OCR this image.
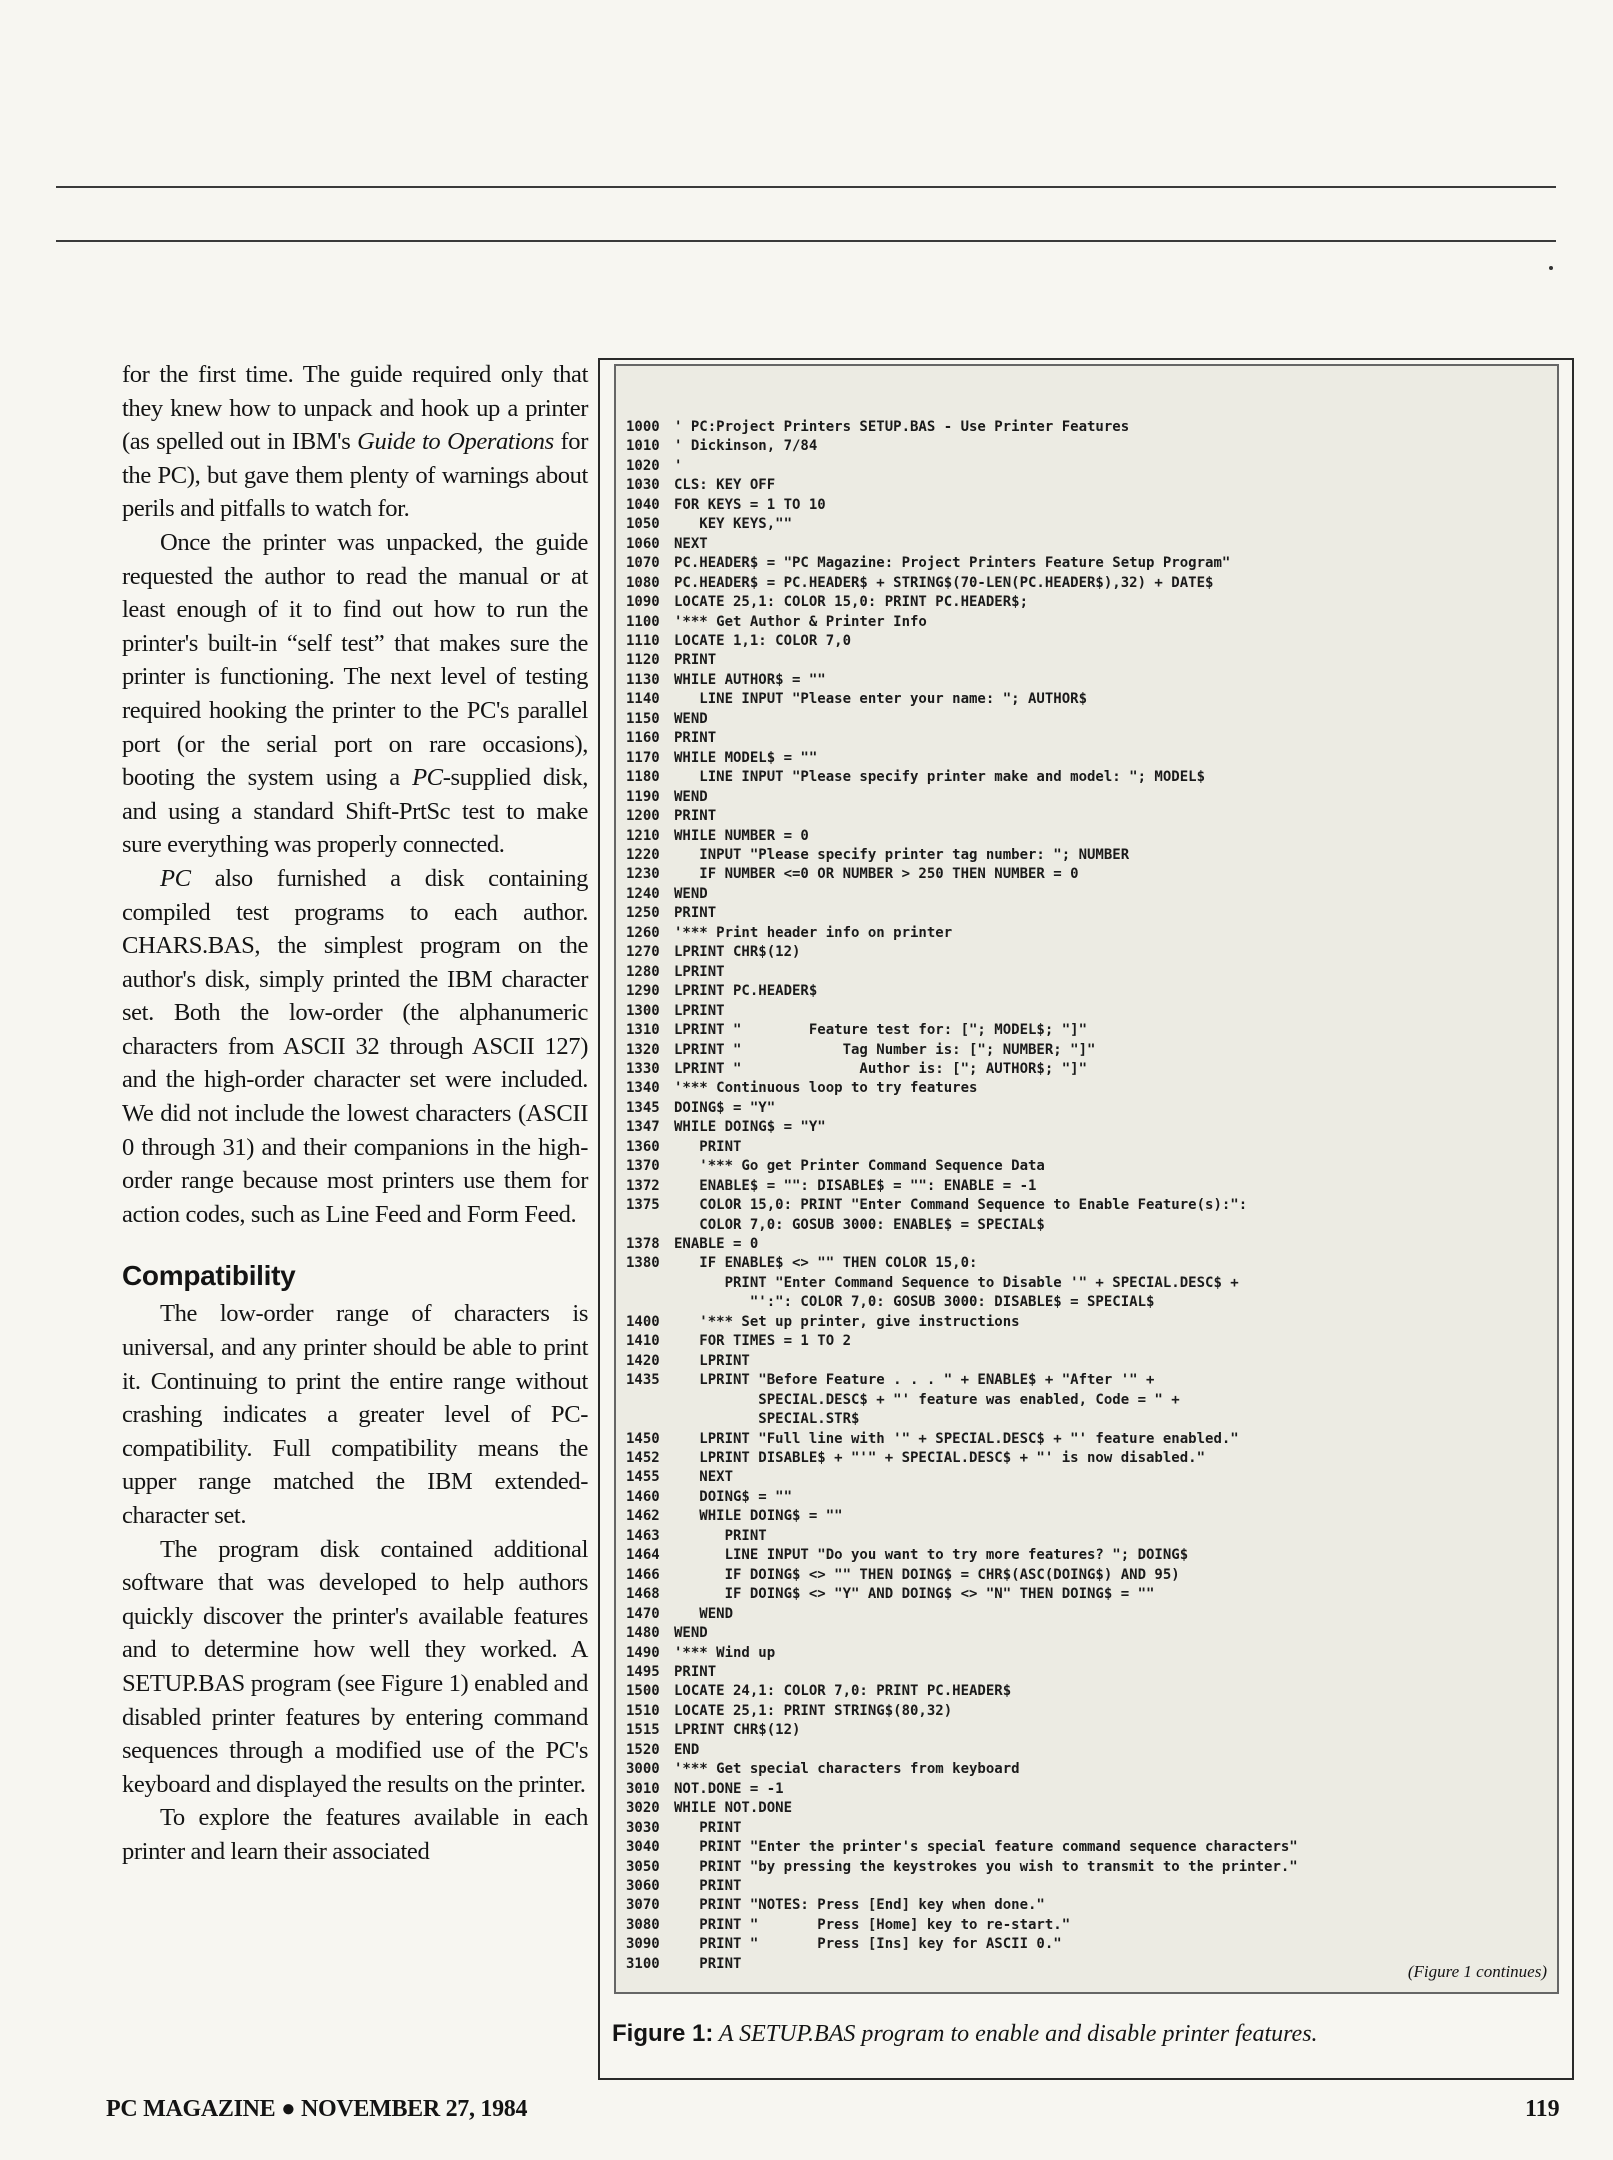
for the first time. The guide required only that they knew how to unpack and hook up a printer (as spelled out in IBM's Guide to Operations for the PC), but gave them plenty of warnings about perils and pitfalls to watch for.

Once the printer was unpacked, the guide requested the author to read the manual or at least enough of it to find out how to run the printer's built-in “self test” that makes sure the printer is functioning. The next level of testing required hooking the printer to the PC's parallel port (or the serial port on rare occasions), booting the system using a PC-supplied disk, and using a standard Shift-PrtSc test to make sure everything was properly connected.

PC also furnished a disk containing compiled test programs to each author. CHARS.BAS, the simplest program on the author's disk, simply printed the IBM character set. Both the low-order (the alphanumeric characters from ASCII 32 through ASCII 127) and the high-order character set were included. We did not include the lowest characters (ASCII 0 through 31) and their companions in the high-order range because most printers use them for action codes, such as Line Feed and Form Feed.

Compatibility

The low-order range of characters is universal, and any printer should be able to print it. Continuing to print the entire range without crashing indicates a greater level of PC-compatibility. Full compatibility means the upper range matched the IBM extended-character set.

The program disk contained additional software that was developed to help authors quickly discover the printer's available features and to determine how well they worked. A SETUP.BAS program (see Figure 1) enabled and disabled printer features by entering command sequences through a modified use of the PC's keyboard and displayed the results on the printer.

To explore the features available in each printer and learn their associated

1000	' PC:Project Printers SETUP.BAS - Use Printer Features
1010	' Dickinson, 7/84
1020	'
1030	CLS: KEY OFF
1040	FOR KEYS = 1 TO 10
1050	KEY KEYS,""
1060	NEXT
1070	PC.HEADER$ = "PC Magazine: Project Printers Feature Setup Program"
1080	PC.HEADER$ = PC.HEADER$ + STRING$(70-LEN(PC.HEADER$),32) + DATE$
1090	LOCATE 25,1: COLOR 15,0: PRINT PC.HEADER$;
1100	'*** Get Author & Printer Info
1110	LOCATE 1,1: COLOR 7,0
1120	PRINT
1130	WHILE AUTHOR$ = ""
1140	LINE INPUT "Please enter your name: "; AUTHOR$
1150	WEND
1160	PRINT
1170	WHILE MODEL$ = ""
1180	LINE INPUT "Please specify printer make and model: "; MODEL$
1190	WEND
1200	PRINT
1210	WHILE NUMBER = 0
1220	INPUT "Please specify printer tag number: "; NUMBER
1230	IF NUMBER <=0 OR NUMBER > 250 THEN NUMBER = 0
1240	WEND
1250	PRINT
1260	'*** Print header info on printer
1270	LPRINT CHR$(12)
1280	LPRINT
1290	LPRINT PC.HEADER$
1300	LPRINT
1310	LPRINT "        Feature test for: ["; MODEL$; "]"
1320	LPRINT "            Tag Number is: ["; NUMBER; "]"
1330	LPRINT "              Author is: ["; AUTHOR$; "]"
1340	'*** Continuous loop to try features
1345	DOING$ = "Y"
1347	WHILE DOING$ = "Y"
1360	PRINT
1370	'*** Go get Printer Command Sequence Data
1372	ENABLE$ = "": DISABLE$ = "": ENABLE = -1
1375	COLOR 15,0: PRINT "Enter Command Sequence to Enable Feature(s):":
	COLOR 7,0: GOSUB 3000: ENABLE$ = SPECIAL$
1378	ENABLE = 0
1380	IF ENABLE$ <> "" THEN COLOR 15,0:
	PRINT "Enter Command Sequence to Disable '" + SPECIAL.DESC$ +
	"':": COLOR 7,0: GOSUB 3000: DISABLE$ = SPECIAL$
1400	'*** Set up printer, give instructions
1410	FOR TIMES = 1 TO 2
1420	LPRINT
1435	LPRINT "Before Feature . . . " + ENABLE$ + "After '" +
	SPECIAL.DESC$ + "' feature was enabled, Code = " +
	SPECIAL.STR$
1450	LPRINT "Full line with '" + SPECIAL.DESC$ + "' feature enabled."
1452	LPRINT DISABLE$ + "'" + SPECIAL.DESC$ + "' is now disabled."
1455	NEXT
1460	DOING$ = ""
1462	WHILE DOING$ = ""
1463	PRINT
1464	LINE INPUT "Do you want to try more features? "; DOING$
1466	IF DOING$ <> "" THEN DOING$ = CHR$(ASC(DOING$) AND 95)
1468	IF DOING$ <> "Y" AND DOING$ <> "N" THEN DOING$ = ""
1470	WEND
1480	WEND
1490	'*** Wind up
1495	PRINT
1500	LOCATE 24,1: COLOR 7,0: PRINT PC.HEADER$
1510	LOCATE 25,1: PRINT STRING$(80,32)
1515	LPRINT CHR$(12)
1520	END
3000	'*** Get special characters from keyboard
3010	NOT.DONE = -1
3020	WHILE NOT.DONE
3030	PRINT
3040	PRINT "Enter the printer's special feature command sequence characters"
3050	PRINT "by pressing the keystrokes you wish to transmit to the printer."
3060	PRINT
3070	PRINT "NOTES: Press [End] key when done."
3080	PRINT "       Press [Home] key to re-start."
3090	PRINT "       Press [Ins] key for ASCII 0."
3100	PRINT	(Figure 1 continues)
Figure 1: A SETUP.BAS program to enable and disable printer features.
PC MAGAZINE ● NOVEMBER 27, 1984	119
